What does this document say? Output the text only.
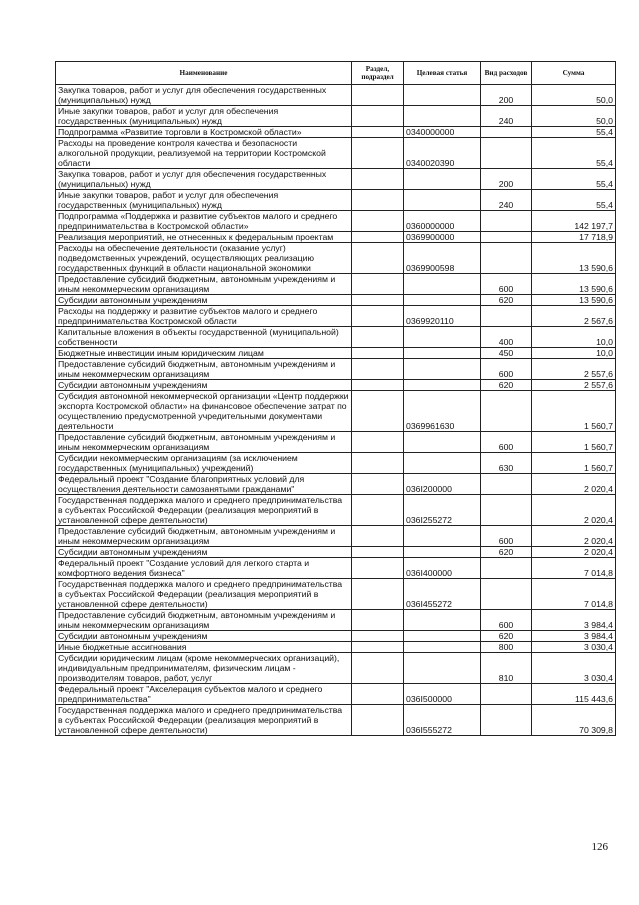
Наименование	Раздел, подраздел	Целевая статья	Вид расходов	Сумма
Закупка товаров, работ и услуг для обеспечения государственных (муниципальных) нужд			200	50,0
Иные закупки товаров, работ и услуг для обеспечения государственных (муниципальных) нужд			240	50,0
Подпрограмма «Развитие торговли в Костромской области»		0340000000		55,4
Расходы на проведение контроля качества и безопасности алкогольной продукции, реализуемой на территории Костромской области		0340020390		55,4
Закупка товаров, работ и услуг для обеспечения государственных (муниципальных) нужд			200	55,4
Иные закупки товаров, работ и услуг для обеспечения государственных (муниципальных) нужд			240	55,4
Подпрограмма «Поддержка и развитие субъектов малого и среднего предпринимательства в Костромской области»		0360000000		142 197,7
Реализация мероприятий, не отнесенных к федеральным проектам		0369900000		17 718,9
Расходы на обеспечение деятельности (оказание услуг) подведомственных учреждений, осуществляющих реализацию государственных функций в области национальной экономики		0369900598		13 590,6
Предоставление субсидий бюджетным, автономным учреждениям и иным некоммерческим организациям			600	13 590,6
Субсидии автономным учреждениям			620	13 590,6
Расходы на поддержку и развитие субъектов малого и среднего предпринимательства Костромской области		0369920110		2 567,6
Капитальные вложения в объекты государственной (муниципальной) собственности			400	10,0
Бюджетные инвестиции иным юридическим лицам			450	10,0
Предоставление субсидий бюджетным, автономным учреждениям и иным некоммерческим организациям			600	2 557,6
Субсидии автономным учреждениям			620	2 557,6
Субсидия автономной некоммерческой организации «Центр поддержки экспорта Костромской области» на финансовое обеспечение затрат по осуществлению предусмотренной учредительными документами деятельности		0369961630		1 560,7
Предоставление субсидий бюджетным, автономным учреждениям и иным некоммерческим организациям			600	1 560,7
Субсидии некоммерческим организациям (за исключением государственных (муниципальных) учреждений)			630	1 560,7
Федеральный проект "Создание благоприятных условий для осуществления деятельности самозанятыми гражданами"		036I200000		2 020,4
Государственная поддержка малого и среднего предпринимательства в субъектах Российской Федерации (реализация мероприятий в установленной сфере деятельности)		036I255272		2 020,4
Предоставление субсидий бюджетным, автономным учреждениям и иным некоммерческим организациям			600	2 020,4
Субсидии автономным учреждениям			620	2 020,4
Федеральный проект "Создание условий для легкого старта и комфортного ведения бизнеса"		036I400000		7 014,8
Государственная поддержка малого и среднего предпринимательства в субъектах Российской Федерации (реализация мероприятий в установленной сфере деятельности)		036I455272		7 014,8
Предоставление субсидий бюджетным, автономным учреждениям и иным некоммерческим организациям			600	3 984,4
Субсидии автономным учреждениям			620	3 984,4
Иные бюджетные ассигнования			800	3 030,4
Субсидии юридическим лицам (кроме некоммерческих организаций), индивидуальным предпринимателям, физическим лицам - производителям товаров, работ, услуг			810	3 030,4
Федеральный проект "Акселерация субъектов малого и среднего предпринимательства"		036I500000		115 443,6
Государственная поддержка малого и среднего предпринимательства в субъектах Российской Федерации (реализация мероприятий в установленной сфере деятельности)		036I555272		70 309,8
126
